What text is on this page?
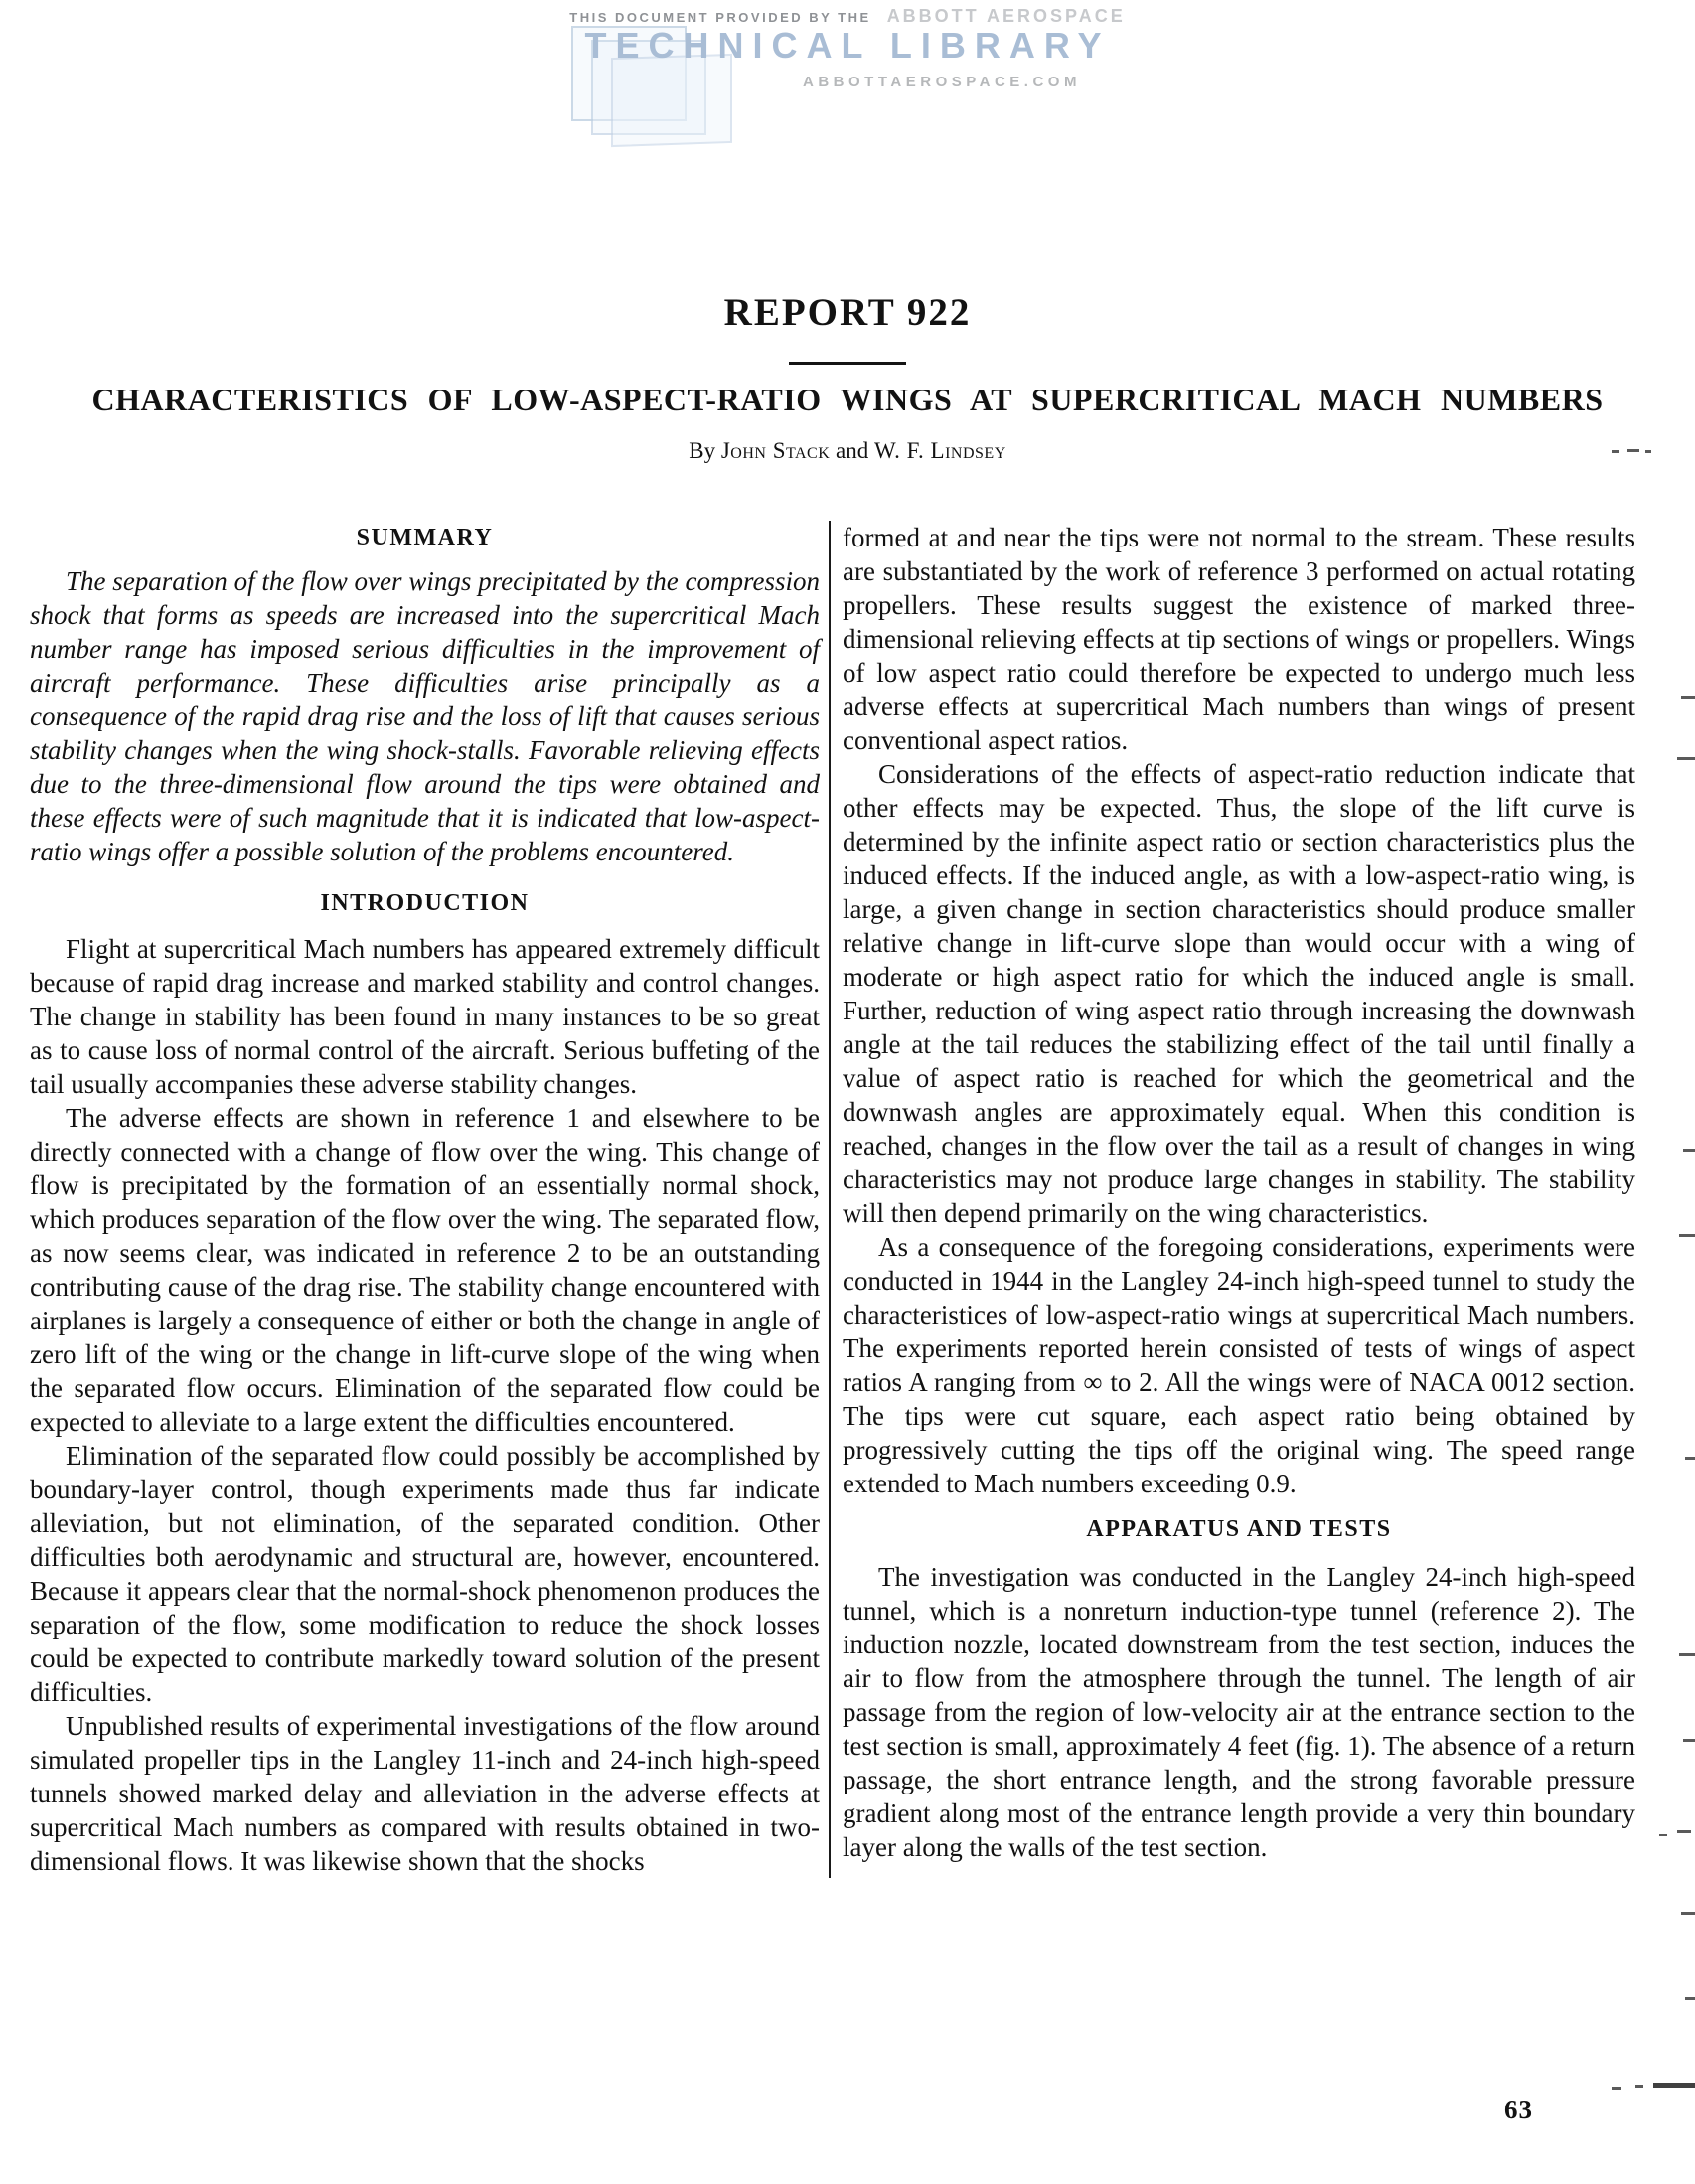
THIS DOCUMENT PROVIDED BY THE ABBOTT AEROSPACE
TECHNICAL LIBRARY
ABBOTTAEROSPACE.COM
REPORT 922
CHARACTERISTICS OF LOW-ASPECT-RATIO WINGS AT SUPERCRITICAL MACH NUMBERS
By John Stack and W. F. Lindsey

SUMMARY

The separation of the flow over wings precipitated by the compression shock that forms as speeds are increased into the supercritical Mach number range has imposed serious difficulties in the improvement of aircraft performance. These difficulties arise principally as a consequence of the rapid drag rise and the loss of lift that causes serious stability changes when the wing shock-stalls. Favorable relieving effects due to the three-dimensional flow around the tips were obtained and these effects were of such magnitude that it is indicated that low-aspect-ratio wings offer a possible solution of the problems encountered.

INTRODUCTION

Flight at supercritical Mach numbers has appeared extremely difficult because of rapid drag increase and marked stability and control changes. The change in stability has been found in many instances to be so great as to cause loss of normal control of the aircraft. Serious buffeting of the tail usually accompanies these adverse stability changes.

The adverse effects are shown in reference 1 and elsewhere to be directly connected with a change of flow over the wing. This change of flow is precipitated by the formation of an essentially normal shock, which produces separation of the flow over the wing. The separated flow, as now seems clear, was indicated in reference 2 to be an outstanding contributing cause of the drag rise. The stability change encountered with airplanes is largely a consequence of either or both the change in angle of zero lift of the wing or the change in lift-curve slope of the wing when the separated flow occurs. Elimination of the separated flow could be expected to alleviate to a large extent the difficulties encountered.

Elimination of the separated flow could possibly be accomplished by boundary-layer control, though experiments made thus far indicate alleviation, but not elimination, of the separated condition. Other difficulties both aerodynamic and structural are, however, encountered. Because it appears clear that the normal-shock phenomenon produces the separation of the flow, some modification to reduce the shock losses could be expected to contribute markedly toward solution of the present difficulties.

Unpublished results of experimental investigations of the flow around simulated propeller tips in the Langley 11-inch and 24-inch high-speed tunnels showed marked delay and alleviation in the adverse effects at supercritical Mach numbers as compared with results obtained in two-dimensional flows. It was likewise shown that the shocks

formed at and near the tips were not normal to the stream. These results are substantiated by the work of reference 3 performed on actual rotating propellers. These results suggest the existence of marked three-dimensional relieving effects at tip sections of wings or propellers. Wings of low aspect ratio could therefore be expected to undergo much less adverse effects at supercritical Mach numbers than wings of present conventional aspect ratios.

Considerations of the effects of aspect-ratio reduction indicate that other effects may be expected. Thus, the slope of the lift curve is determined by the infinite aspect ratio or section characteristics plus the induced effects. If the induced angle, as with a low-aspect-ratio wing, is large, a given change in section characteristics should produce smaller relative change in lift-curve slope than would occur with a wing of moderate or high aspect ratio for which the induced angle is small. Further, reduction of wing aspect ratio through increasing the downwash angle at the tail reduces the stabilizing effect of the tail until finally a value of aspect ratio is reached for which the geometrical and the downwash angles are approximately equal. When this condition is reached, changes in the flow over the tail as a result of changes in wing characteristics may not produce large changes in stability. The stability will then depend primarily on the wing characteristics.

As a consequence of the foregoing considerations, experiments were conducted in 1944 in the Langley 24-inch high-speed tunnel to study the characteristices of low-aspect-ratio wings at supercritical Mach numbers. The experiments reported herein consisted of tests of wings of aspect ratios A ranging from ∞ to 2. All the wings were of NACA 0012 section. The tips were cut square, each aspect ratio being obtained by progressively cutting the tips off the original wing. The speed range extended to Mach numbers exceeding 0.9.

APPARATUS AND TESTS

The investigation was conducted in the Langley 24-inch high-speed tunnel, which is a nonreturn induction-type tunnel (reference 2). The induction nozzle, located downstream from the test section, induces the air to flow from the atmosphere through the tunnel. The length of air passage from the region of low-velocity air at the entrance section to the test section is small, approximately 4 feet (fig. 1). The absence of a return passage, the short entrance length, and the strong favorable pressure gradient along most of the entrance length provide a very thin boundary layer along the walls of the test section.

63
